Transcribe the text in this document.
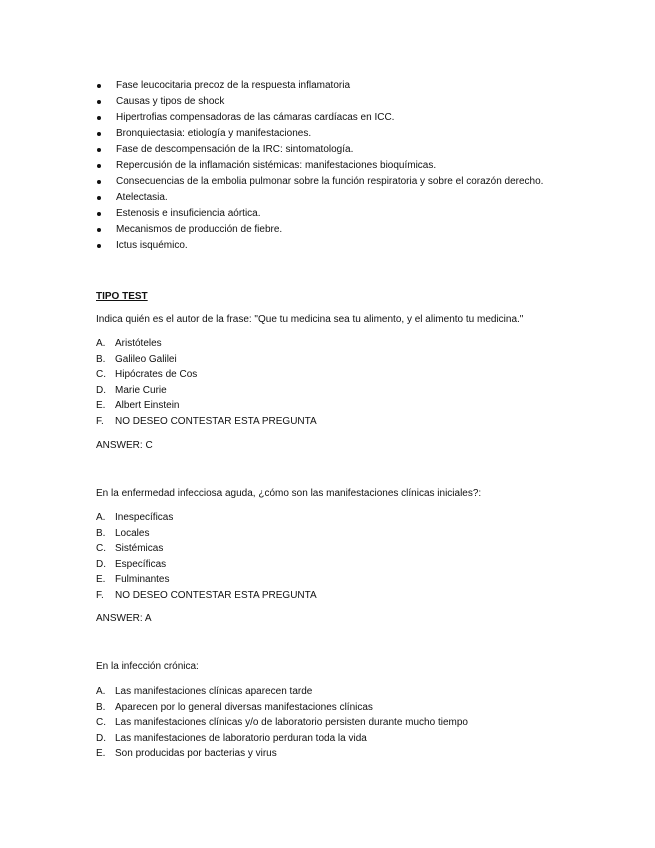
Fase leucocitaria precoz de la respuesta inflamatoria
Causas y tipos de shock
Hipertrofias compensadoras de las cámaras cardíacas en ICC.
Bronquiectasia: etiología y manifestaciones.
Fase de descompensación de la IRC: sintomatología.
Repercusión de la inflamación sistémicas: manifestaciones bioquímicas.
Consecuencias de la embolia pulmonar sobre la función respiratoria y sobre el corazón derecho.
Atelectasia.
Estenosis e insuficiencia aórtica.
Mecanismos de producción de fiebre.
Ictus isquémico.
TIPO TEST
Indica quién es el autor de la frase: "Que tu medicina sea tu alimento, y el alimento tu medicina."
A. Aristóteles
B. Galileo Galilei
C. Hipócrates de Cos
D. Marie Curie
E. Albert Einstein
F. NO DESEO CONTESTAR ESTA PREGUNTA
ANSWER: C
En la enfermedad infecciosa aguda, ¿cómo son las manifestaciones clínicas iniciales?:
A. Inespecíficas
B. Locales
C. Sistémicas
D. Específicas
E. Fulminantes
F. NO DESEO CONTESTAR ESTA PREGUNTA
ANSWER: A
En la infección crónica:
A. Las manifestaciones clínicas aparecen tarde
B. Aparecen por lo general diversas manifestaciones clínicas
C. Las manifestaciones clínicas y/o de laboratorio persisten durante mucho tiempo
D. Las manifestaciones de laboratorio perduran toda la vida
E. Son producidas por bacterias y virus
